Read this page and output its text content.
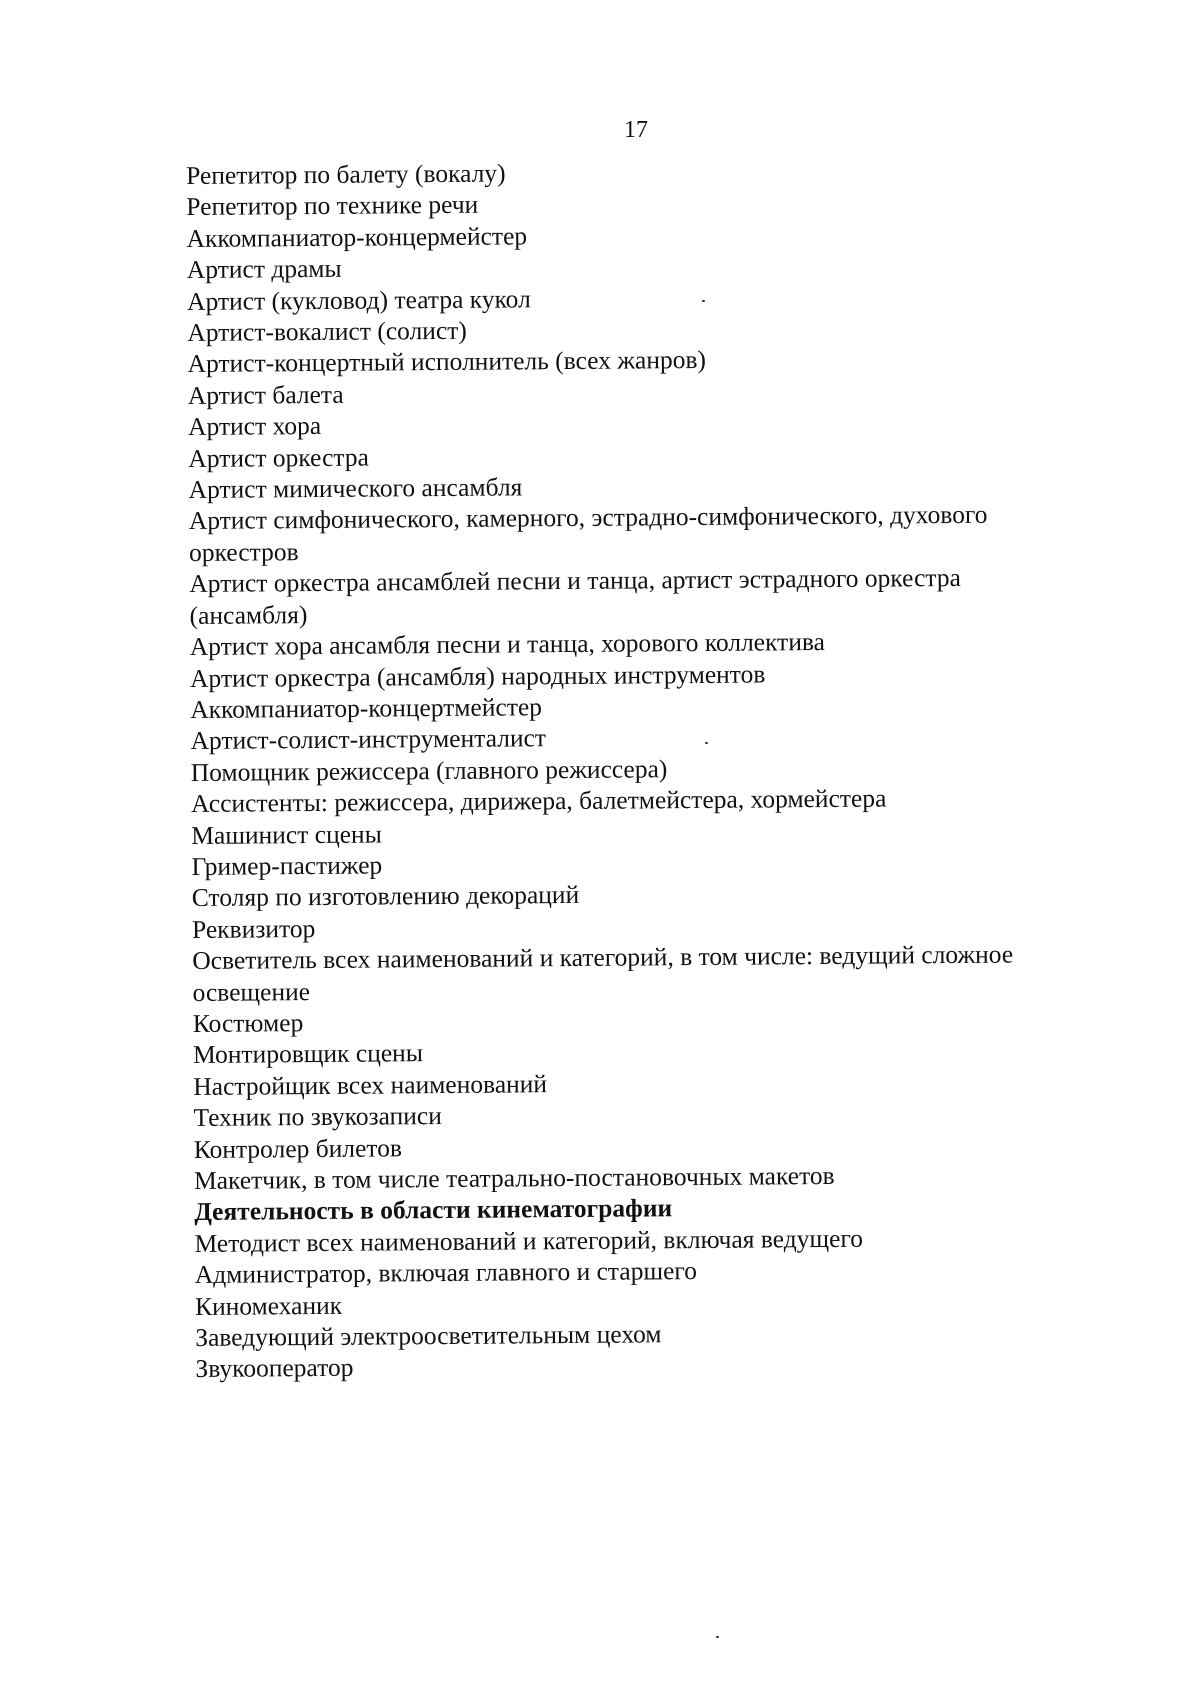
17
Репетитор по балету (вокалу)
Репетитор по технике речи
Аккомпаниатор-концермейстер
Артист драмы
Артист (кукловод) театра кукол
Артист-вокалист (солист)
Артист-концертный исполнитель (всех жанров)
Артист балета
Артист хора
Артист оркестра
Артист мимического ансамбля
Артист симфонического, камерного, эстрадно-симфонического, духового
оркестров
Артист оркестра ансамблей песни и танца, артист эстрадного оркестра
(ансамбля)
Артист хора ансамбля песни и танца, хорового коллектива
Артист оркестра (ансамбля) народных инструментов
Аккомпаниатор-концертмейстер
Артист-солист-инструменталист
Помощник режиссера (главного режиссера)
Ассистенты: режиссера, дирижера, балетмейстера, хормейстера
Машинист сцены
Гример-пастижер
Столяр по изготовлению декораций
Реквизитор
Осветитель всех наименований и категорий, в том числе: ведущий сложное
освещение
Костюмер
Монтировщик сцены
Настройщик всех наименований
Техник по звукозаписи
Контролер билетов
Макетчик, в том числе театрально-постановочных макетов
Деятельность в области кинематографии
Методист всех наименований и категорий, включая ведущего
Администратор, включая главного и старшего
Киномеханик
Заведующий электроосветительным цехом
Звукооператор
